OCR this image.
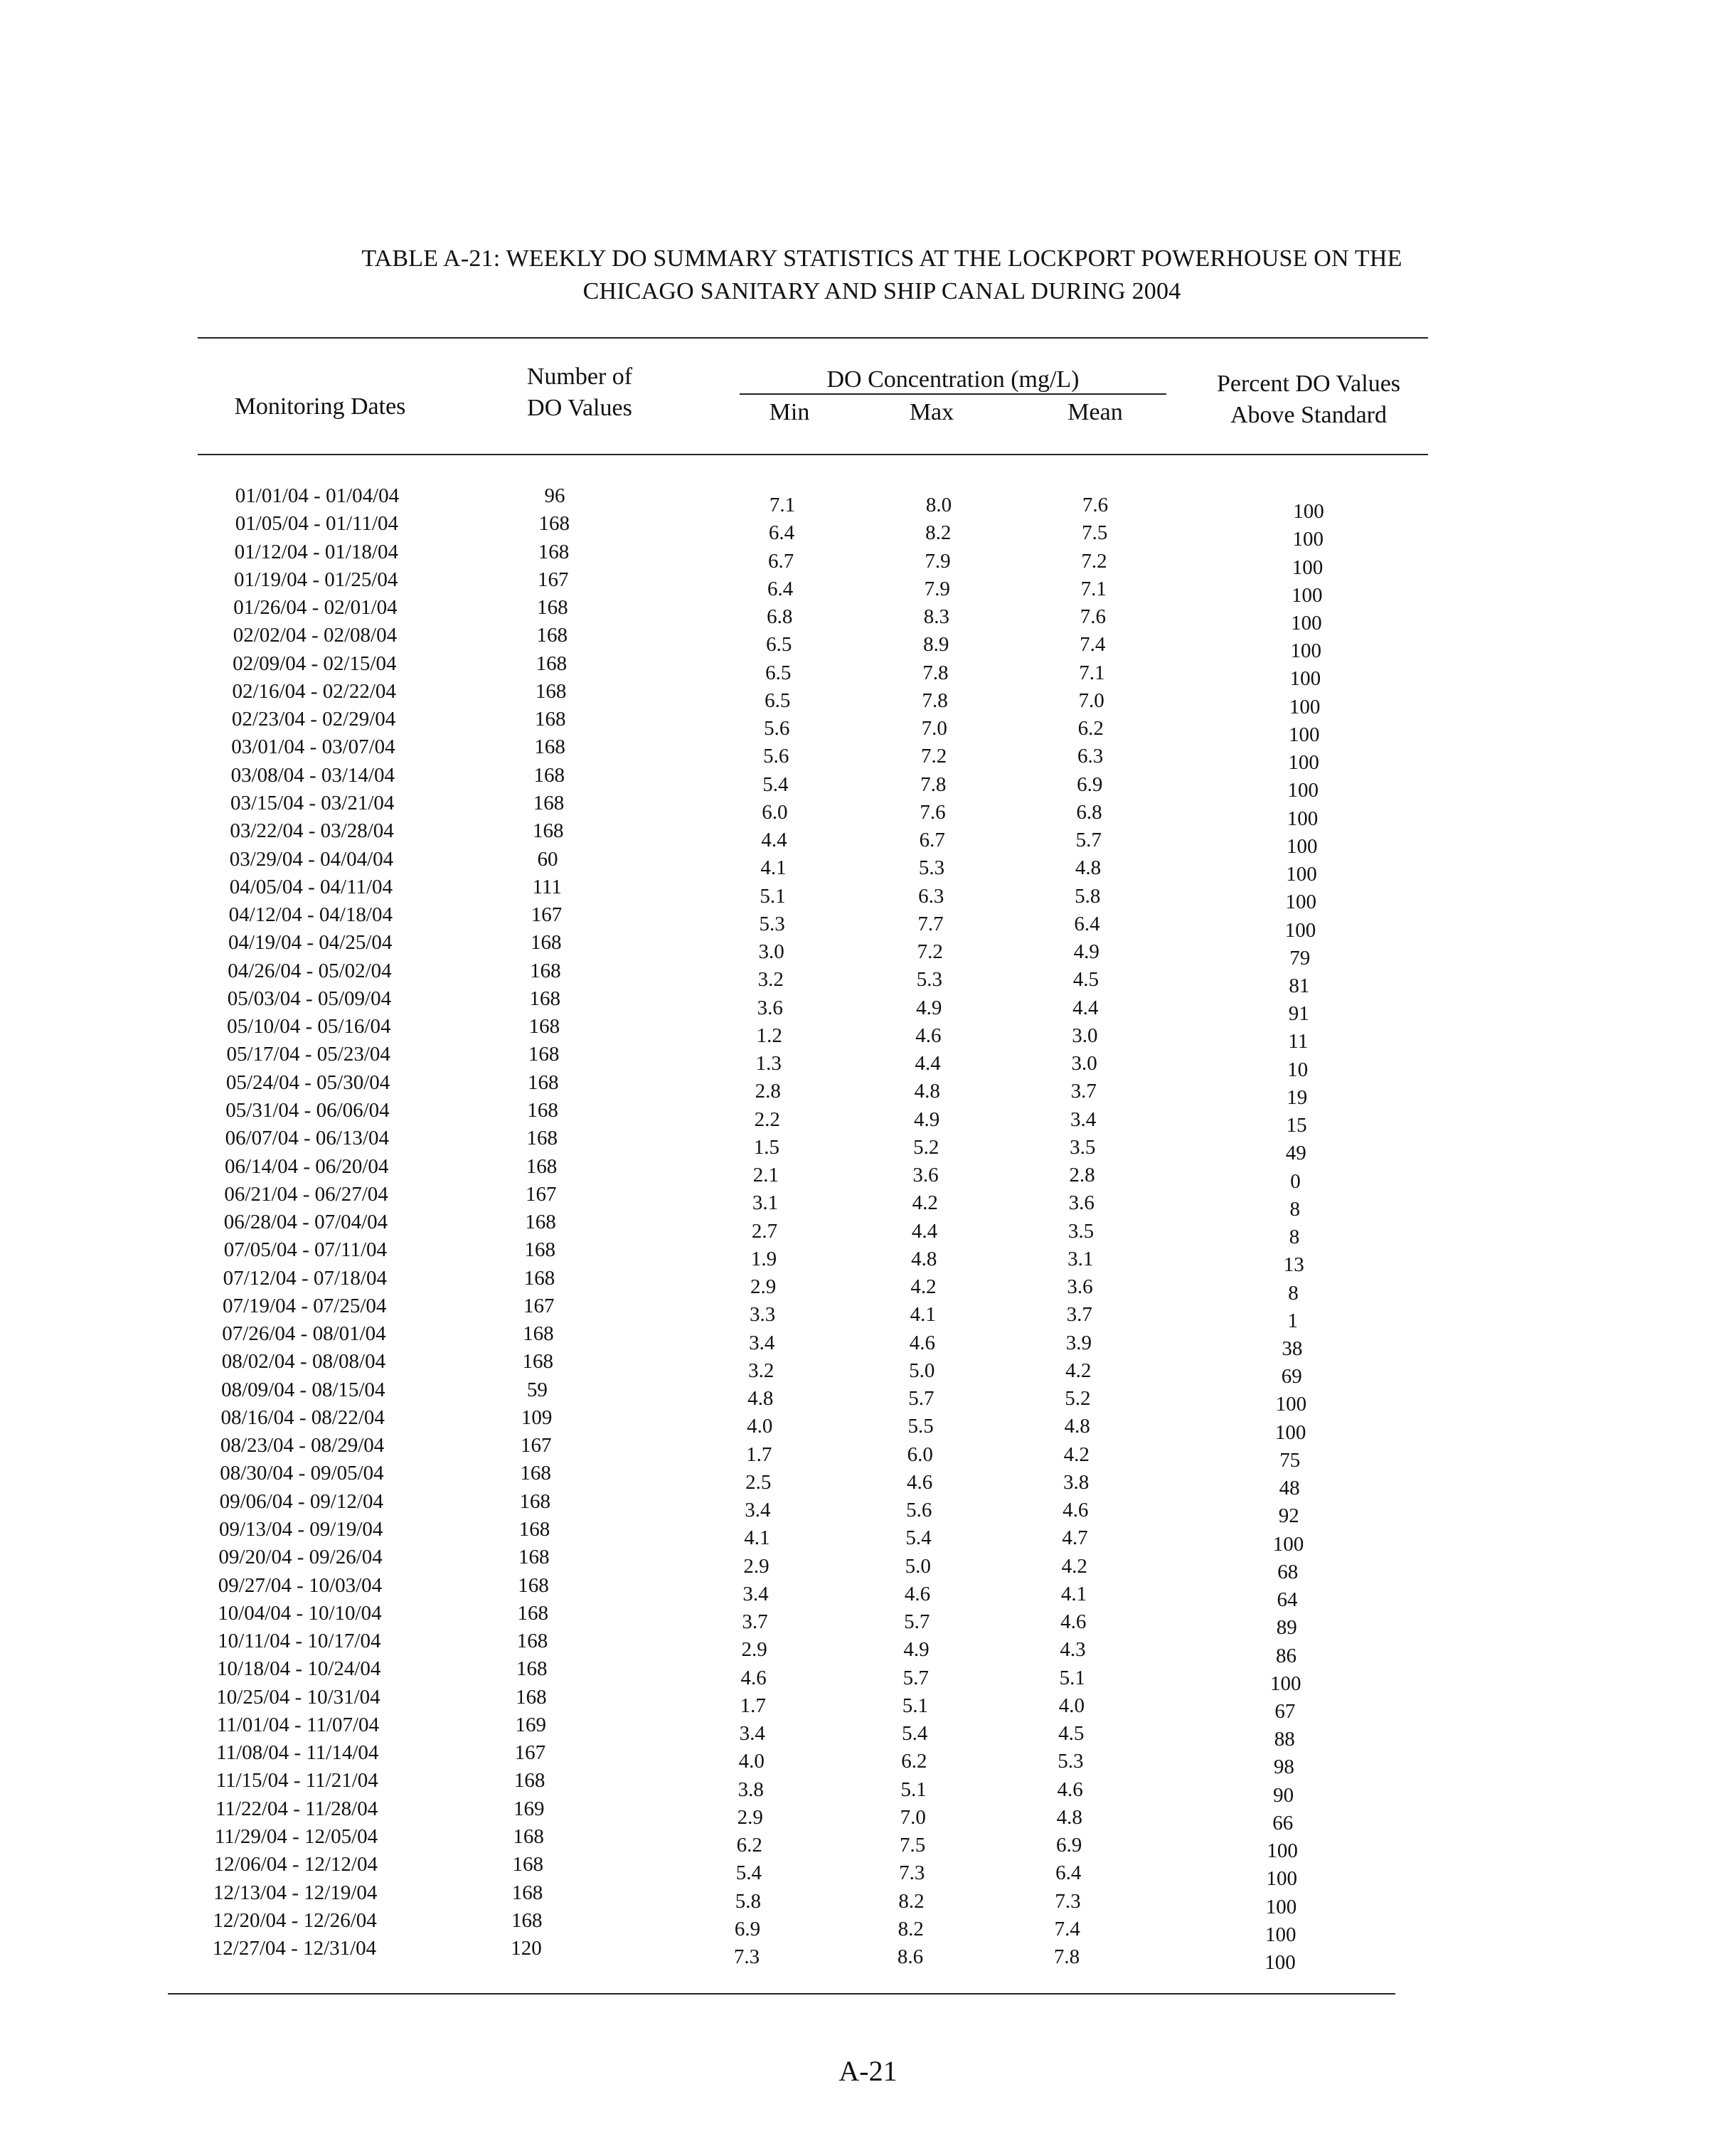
TABLE A-21: WEEKLY DO SUMMARY STATISTICS AT THE LOCKPORT POWERHOUSE ON THE
CHICAGO SANITARY AND SHIP CANAL DURING 2004
Monitoring Dates
Number of
DO Values
DO Concentration (mg/L)
Min	Max	Mean
Percent DO Values
Above Standard
01/01/04 - 01/04/04	96	7.1	8.0	7.6	100
01/05/04 - 01/11/04	168	6.4	8.2	7.5	100
01/12/04 - 01/18/04	168	6.7	7.9	7.2	100
01/19/04 - 01/25/04	167	6.4	7.9	7.1	100
01/26/04 - 02/01/04	168	6.8	8.3	7.6	100
02/02/04 - 02/08/04	168	6.5	8.9	7.4	100
02/09/04 - 02/15/04	168	6.5	7.8	7.1	100
02/16/04 - 02/22/04	168	6.5	7.8	7.0	100
02/23/04 - 02/29/04	168	5.6	7.0	6.2	100
03/01/04 - 03/07/04	168	5.6	7.2	6.3	100
03/08/04 - 03/14/04	168	5.4	7.8	6.9	100
03/15/04 - 03/21/04	168	6.0	7.6	6.8	100
03/22/04 - 03/28/04	168	4.4	6.7	5.7	100
03/29/04 - 04/04/04	60	4.1	5.3	4.8	100
04/05/04 - 04/11/04	111	5.1	6.3	5.8	100
04/12/04 - 04/18/04	167	5.3	7.7	6.4	100
04/19/04 - 04/25/04	168	3.0	7.2	4.9	79
04/26/04 - 05/02/04	168	3.2	5.3	4.5	81
05/03/04 - 05/09/04	168	3.6	4.9	4.4	91
05/10/04 - 05/16/04	168	1.2	4.6	3.0	11
05/17/04 - 05/23/04	168	1.3	4.4	3.0	10
05/24/04 - 05/30/04	168	2.8	4.8	3.7	19
05/31/04 - 06/06/04	168	2.2	4.9	3.4	15
06/07/04 - 06/13/04	168	1.5	5.2	3.5	49
06/14/04 - 06/20/04	168	2.1	3.6	2.8	0
06/21/04 - 06/27/04	167	3.1	4.2	3.6	8
06/28/04 - 07/04/04	168	2.7	4.4	3.5	8
07/05/04 - 07/11/04	168	1.9	4.8	3.1	13
07/12/04 - 07/18/04	168	2.9	4.2	3.6	8
07/19/04 - 07/25/04	167	3.3	4.1	3.7	1
07/26/04 - 08/01/04	168	3.4	4.6	3.9	38
08/02/04 - 08/08/04	168	3.2	5.0	4.2	69
08/09/04 - 08/15/04	59	4.8	5.7	5.2	100
08/16/04 - 08/22/04	109	4.0	5.5	4.8	100
08/23/04 - 08/29/04	167	1.7	6.0	4.2	75
08/30/04 - 09/05/04	168	2.5	4.6	3.8	48
09/06/04 - 09/12/04	168	3.4	5.6	4.6	92
09/13/04 - 09/19/04	168	4.1	5.4	4.7	100
09/20/04 - 09/26/04	168	2.9	5.0	4.2	68
09/27/04 - 10/03/04	168	3.4	4.6	4.1	64
10/04/04 - 10/10/04	168	3.7	5.7	4.6	89
10/11/04 - 10/17/04	168	2.9	4.9	4.3	86
10/18/04 - 10/24/04	168	4.6	5.7	5.1	100
10/25/04 - 10/31/04	168	1.7	5.1	4.0	67
11/01/04 - 11/07/04	169	3.4	5.4	4.5	88
11/08/04 - 11/14/04	167	4.0	6.2	5.3	98
11/15/04 - 11/21/04	168	3.8	5.1	4.6	90
11/22/04 - 11/28/04	169	2.9	7.0	4.8	66
11/29/04 - 12/05/04	168	6.2	7.5	6.9	100
12/06/04 - 12/12/04	168	5.4	7.3	6.4	100
12/13/04 - 12/19/04	168	5.8	8.2	7.3	100
12/20/04 - 12/26/04	168	6.9	8.2	7.4	100
12/27/04 - 12/31/04	120	7.3	8.6	7.8	100
A-21
